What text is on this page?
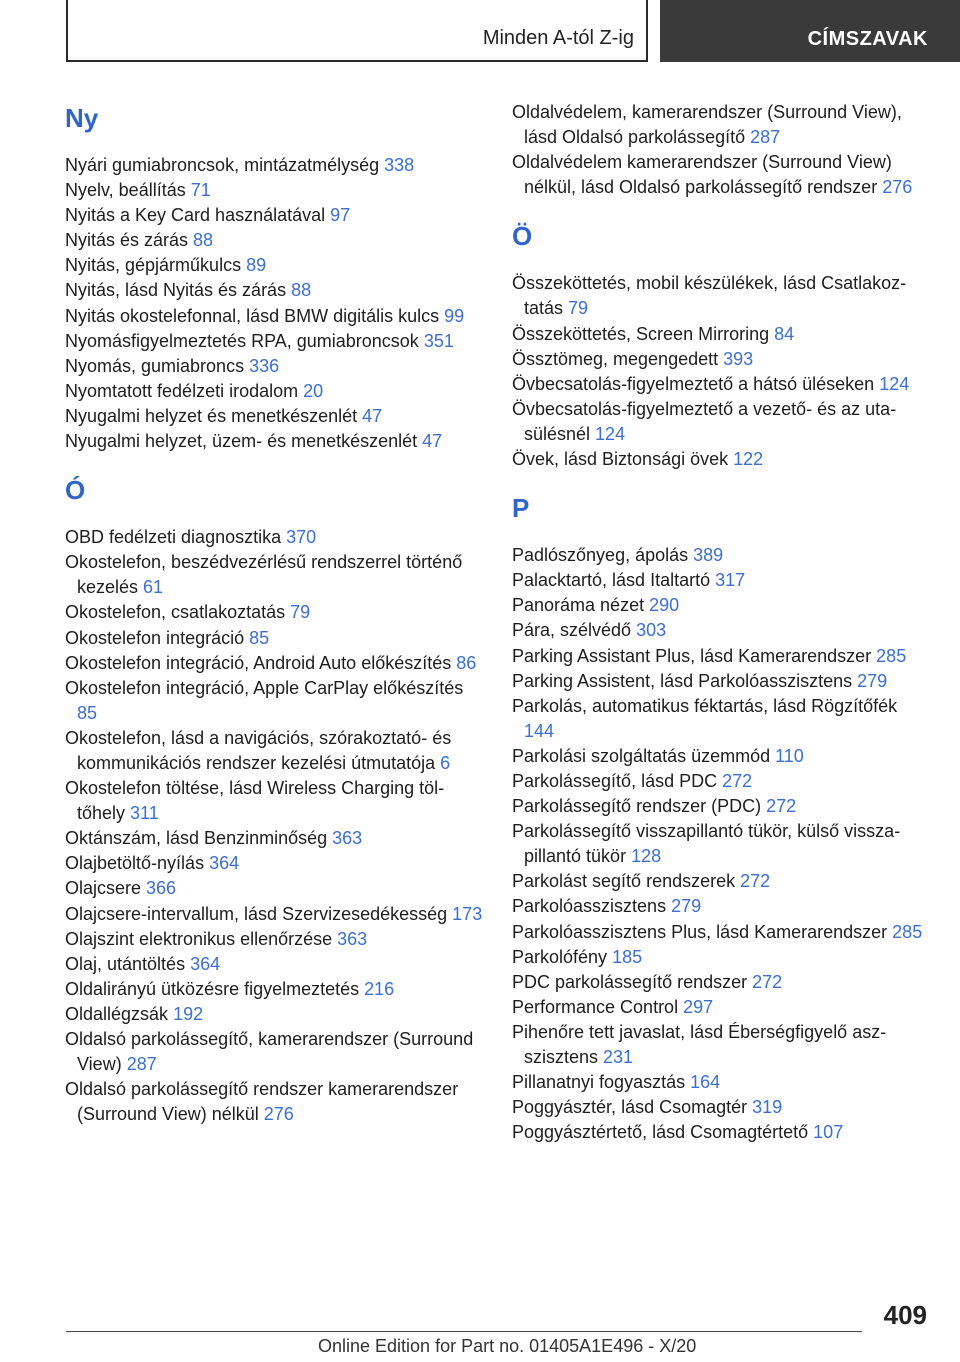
Minden A-tól Z-ig	CÍMSZAVAK
Ny
Nyári gumiabroncsok, mintázatmélység 338
Nyelv, beállítás 71
Nyitás a Key Card használatával 97
Nyitás és zárás 88
Nyitás, gépjárműkulcs 89
Nyitás, lásd Nyitás és zárás 88
Nyitás okostelefonnal, lásd BMW digitális kulcs 99
Nyomásfigyelmeztetés RPA, gumiabroncsok 351
Nyomás, gumiabroncs 336
Nyomtatott fedélzeti irodalom 20
Nyugalmi helyzet és menetkészenlét 47
Nyugalmi helyzet, üzem- és menetkészenlét 47
Ó
OBD fedélzeti diagnosztika 370
Okostelefon, beszédvezérlésű rendszerrel történő kezelés 61
Okostelefon, csatlakoztatás 79
Okostelefon integráció 85
Okostelefon integráció, Android Auto előkészítés 86
Okostelefon integráció, Apple CarPlay előkészítés 85
Okostelefon, lásd a navigációs, szórakoztató- és kommunikációs rendszer kezelési útmutatója 6
Okostelefon töltése, lásd Wireless Charging töltőhely 311
Oktánszám, lásd Benzinminőség 363
Olajbetöltő-nyílás 364
Olajcsere 366
Olajcsere-intervallum, lásd Szervizesedékesség 173
Olajszint elektronikus ellenőrzése 363
Olaj, utántöltés 364
Oldalirányú ütközésre figyelmeztetés 216
Oldallégzsák 192
Oldalsó parkolássegítő, kamerarendszer (Surround View) 287
Oldalsó parkolássegítő rendszer kamerarendszer (Surround View) nélkül 276
Oldalvédelem, kamerarendszer (Surround View), lásd Oldalsó parkolássegítő 287
Oldalvédelem kamerarendszer (Surround View) nélkül, lásd Oldalsó parkolássegítő rendszer 276
Ö
Összeköttetés, mobil készülékek, lásd Csatlakoztatás 79
Összeköttetés, Screen Mirroring 84
Össztömeg, megengedett 393
Övbecsatolás-figyelmeztető a hátsó üléseken 124
Övbecsatolás-figyelmeztető a vezető- és az utasülésnél 124
Övek, lásd Biztonsági övek 122
P
Padlószőnyeg, ápolás 389
Palacktartó, lásd Italtartó 317
Panoráma nézet 290
Pára, szélvédő 303
Parking Assistant Plus, lásd Kamerarendszer 285
Parking Assistent, lásd Parkolóasszisztens 279
Parkolás, automatikus féktartás, lásd Rögzítőfék 144
Parkolási szolgáltatás üzemmód 110
Parkolássegítő, lásd PDC 272
Parkolássegítő rendszer (PDC) 272
Parkolássegítő visszapillantó tükör, külső visszapillantó tükör 128
Parkolást segítő rendszerek 272
Parkolóasszisztens 279
Parkolóasszisztens Plus, lásd Kamerarendszer 285
Parkolófény 185
PDC parkolássegítő rendszer 272
Performance Control 297
Pihenőre tett javaslat, lásd Éberségfigyelő aszszisztens 231
Pillanatnyi fogyasztás 164
Poggyásztér, lásd Csomagtér 319
Poggyásztértető, lásd Csomagtértető 107
409
Online Edition for Part no. 01405A1E496 - X/20
